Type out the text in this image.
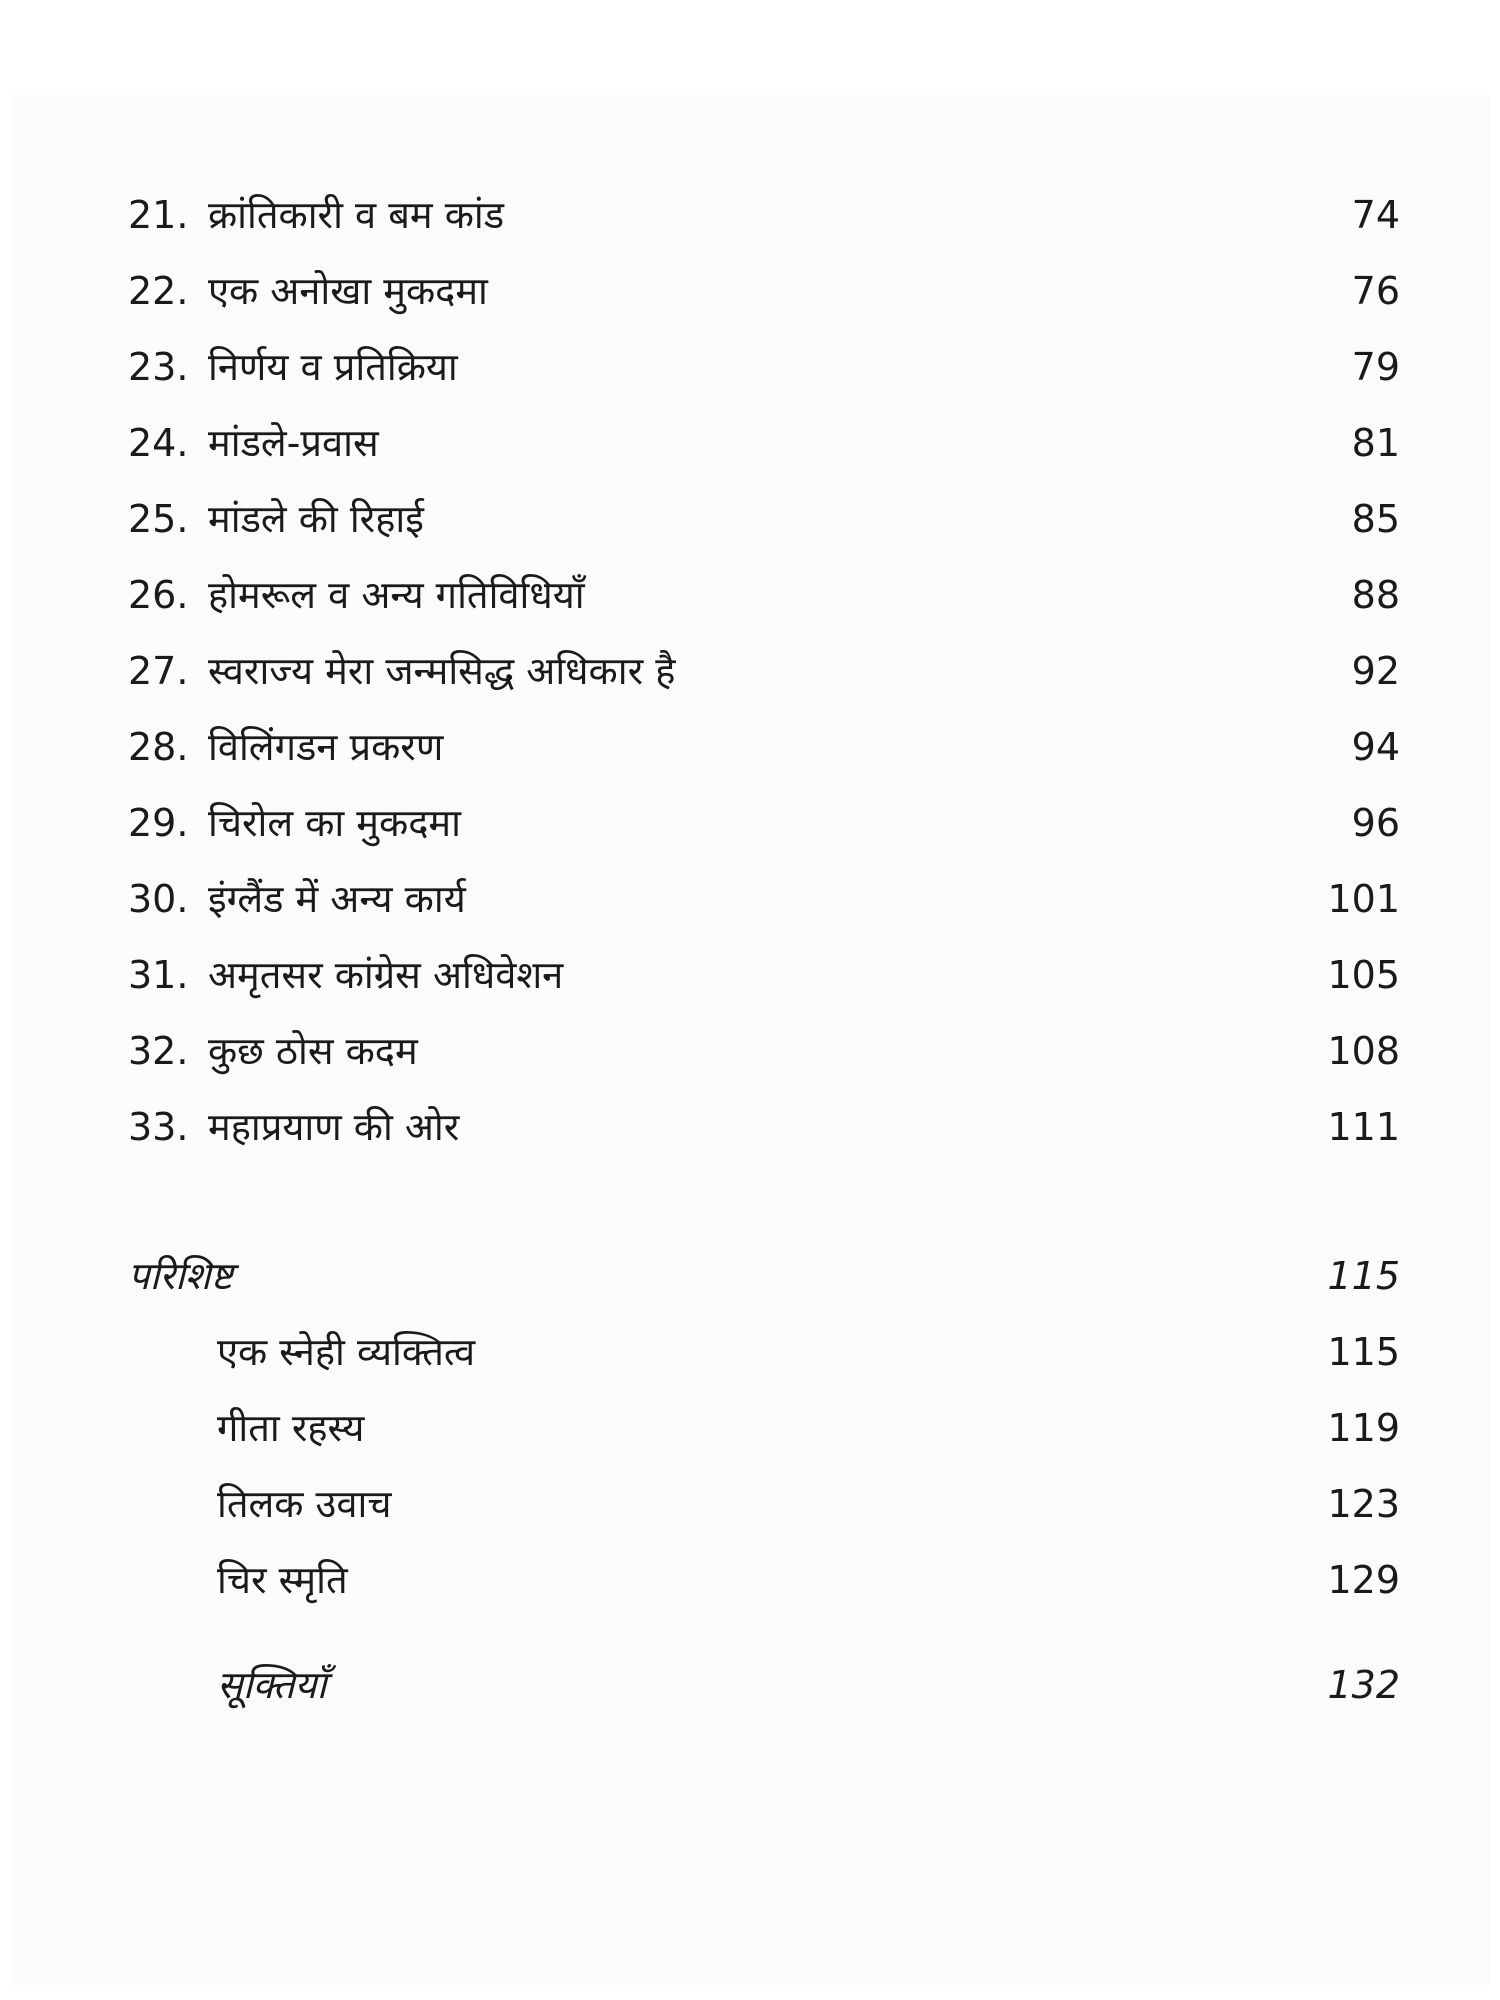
21. क्रांतिकारी व बम कांड	74
22. एक अनोखा मुकदमा	76
23. निर्णय व प्रतिक्रिया	79
24. मांडले-प्रवास	81
25. मांडले की रिहाई	85
26. होमरूल व अन्य गतिविधियाँ	88
27. स्वराज्य मेरा जन्मसिद्ध अधिकार है	92
28. विलिंगडन प्रकरण	94
29. चिरोल का मुकदमा	96
30. इंग्लैंड में अन्य कार्य	101
31. अमृतसर कांग्रेस अधिवेशन	105
32. कुछ ठोस कदम	108
33. महाप्रयाण की ओर	111
परिशिष्ट	115
एक स्नेही व्यक्तित्व	115
गीता रहस्य	119
तिलक उवाच	123
चिर स्मृति	129
सूक्तियाँ	132
